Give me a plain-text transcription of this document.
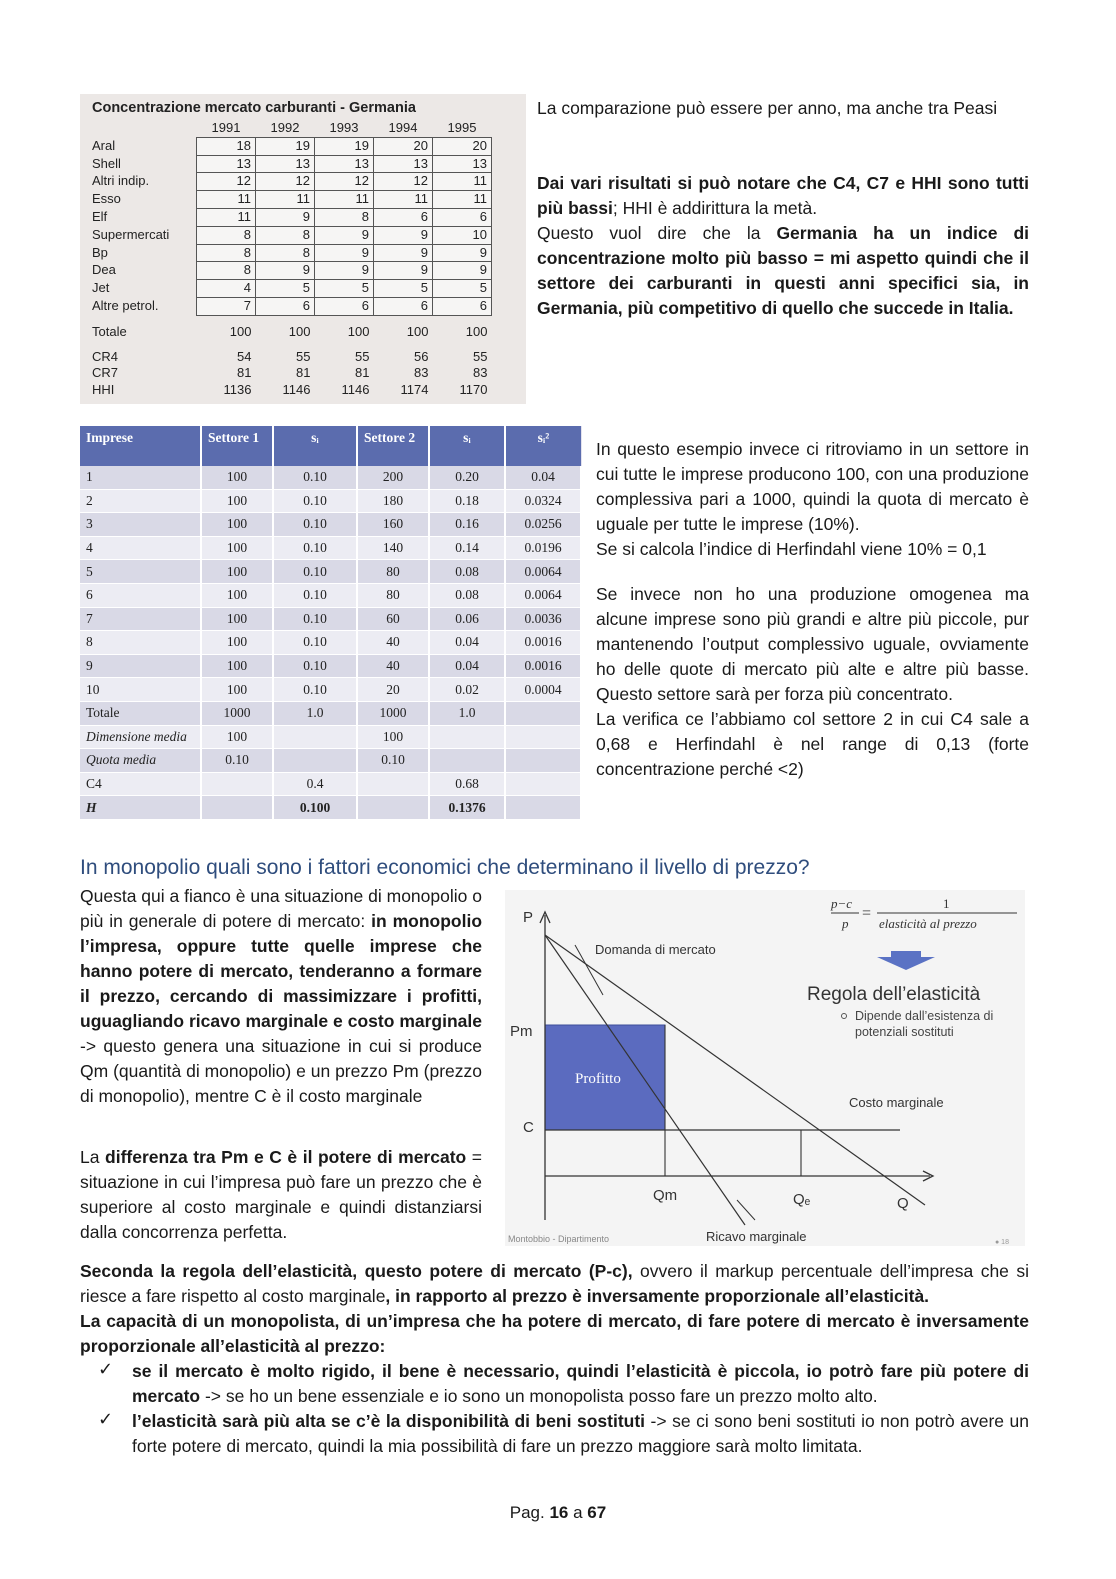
Concentrazione mercato carburanti - Germania
	1991	1992	1993	1994	1995
Aral	18	19	19	20	20
Shell	13	13	13	13	13
Altri indip.	12	12	12	12	11
Esso	11	11	11	11	11
Elf	11	9	8	6	6
Supermercati	8	8	9	9	10
Bp	8	8	9	9	9
Dea	8	9	9	9	9
Jet	4	5	5	5	5
Altre petrol.	7	6	6	6	6

Totale	100	100	100	100	100

CR4	54	55	55	56	55
CR7	81	81	81	83	83
HHI	1136	1146	1146	1174	1170
La comparazione può essere per anno, ma anche tra Peasi
Dai vari risultati si può notare che C4, C7 e HHI sono tutti più bassi; HHI è addirittura la metà.
Questo vuol dire che la Germania ha un indice di concentrazione molto più basso = mi aspetto quindi che il settore dei carburanti in questi anni specifici sia, in Germania, più competitivo di quello che succede in Italia.
Imprese	Settore 1	sᵢ	Settore 2	sᵢ	sᵢ²
1	100	0.10	200	0.20	0.04
2	100	0.10	180	0.18	0.0324
3	100	0.10	160	0.16	0.0256
4	100	0.10	140	0.14	0.0196
5	100	0.10	80	0.08	0.0064
6	100	0.10	80	0.08	0.0064
7	100	0.10	60	0.06	0.0036
8	100	0.10	40	0.04	0.0016
9	100	0.10	40	0.04	0.0016
10	100	0.10	20	0.02	0.0004
Totale	1000	1.0	1000	1.0	
Dimensione media	100		100		
Quota media	0.10		0.10		
C4		0.4		0.68	
H		0.100		0.1376	
In questo esempio invece ci ritroviamo in un settore in cui tutte le imprese producono 100, con una produzione complessiva pari a 1000, quindi la quota di mercato è uguale per tutte le imprese (10%).
Se si calcola l’indice di Herfindahl viene 10% = 0,1
Se invece non ho una produzione omogenea ma alcune imprese sono più grandi e altre più piccole, pur mantenendo l’output complessivo uguale, ovviamente ho delle quote di mercato più alte e altre più basse. Questo settore sarà per forza più concentrato.
La verifica ce l’abbiamo col settore 2 in cui C4 sale a 0,68 e Herfindahl è nel range di 0,13 (forte concentrazione perché <2)
In monopolio quali sono i fattori economici che determinano il livello di prezzo?
Questa qui a fianco è una situazione di monopolio o più in generale di potere di mercato: in monopolio l’impresa, oppure tutte quelle imprese che hanno potere di mercato, tenderanno a formare il prezzo, cercando di massimizzare i profitti, uguagliando ricavo marginale e costo marginale -> questo genera una situazione in cui si produce Qm (quantità di monopolio) e un prezzo Pm (prezzo di monopolio), mentre C è il costo marginale
La differenza tra Pm e C è il potere di mercato = situazione in cui l’impresa può fare un prezzo che è superiore al costo marginale e quindi distanziarsi dalla concorrenza perfetta.
P
Pm
C
Qm	Qₑ	Q
Domanda di mercato
Profitto
Costo marginale
Ricavo marginale
p−c
p
=
1
elasticità al prezzo
Regola dell’elasticità
Dipende dall’esistenza di
potenziali sostituti
Montobbio - Dipartimento	● 18
Seconda la regola dell’elasticità, questo potere di mercato (P-c), ovvero il markup percentuale dell’impresa che si riesce a fare rispetto al costo marginale, in rapporto al prezzo è inversamente proporzionale all’elasticità.
La capacità di un monopolista, di un’impresa che ha potere di mercato, di fare potere di mercato è inversamente proporzionale all’elasticità al prezzo:
✓ se il mercato è molto rigido, il bene è necessario, quindi l’elasticità è piccola, io potrò fare più potere di mercato -> se ho un bene essenziale e io sono un monopolista posso fare un prezzo molto alto.
✓ l’elasticità sarà più alta se c’è la disponibilità di beni sostituti -> se ci sono beni sostituti io non potrò avere un forte potere di mercato, quindi la mia possibilità di fare un prezzo maggiore sarà molto limitata.
Pag. 16 a 67
